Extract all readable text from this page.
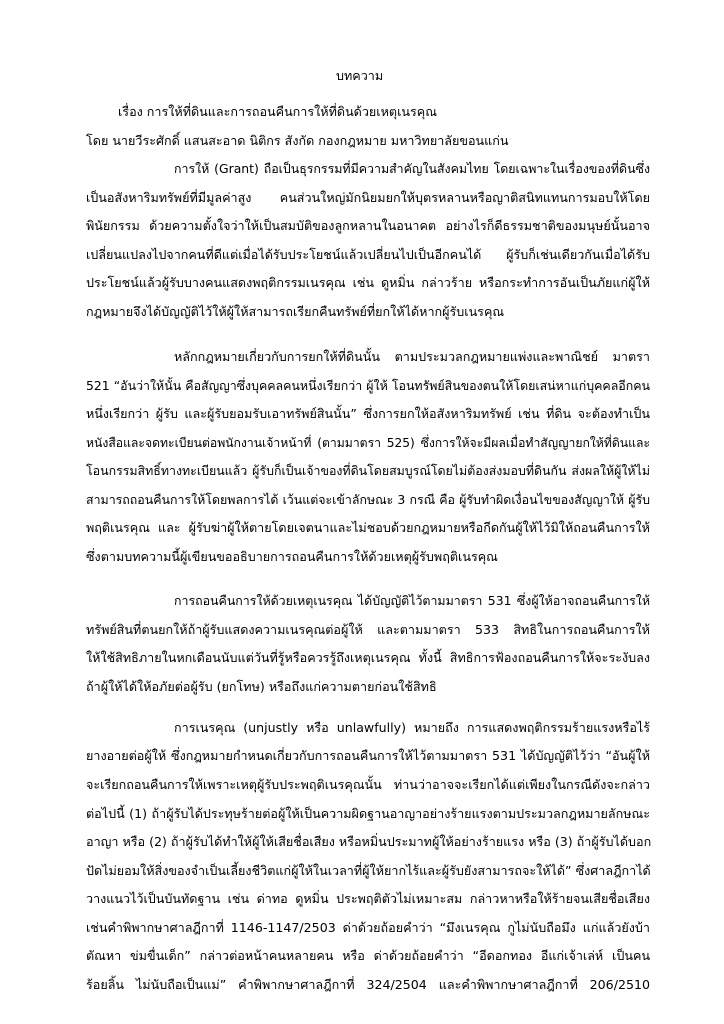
บทความ
เรื่อง การให้ที่ดินและการถอนคืนการให้ที่ดินด้วยเหตุเนรคุณ
โดย นายวีระศักดิ์ แสนสะอาด นิติกร สังกัด กองกฎหมาย มหาวิทยาลัยขอนแก่น
การให้ (Grant) ถือเป็นธุรกรรมที่มีความสำคัญในสังคมไทย โดยเฉพาะในเรื่องของที่ดินซึ่ง
เป็นอสังหาริมทรัพย์ที่มีมูลค่าสูง คนส่วนใหญ่มักนิยมยกให้บุตรหลานหรือญาติสนิทแทนการมอบให้โดย
พินัยกรรม ด้วยความตั้งใจว่าให้เป็นสมบัติของลูกหลานในอนาคต อย่างไรก็ดีธรรมชาติของมนุษย์นั้นอาจ
เปลี่ยนแปลงไปจากคนที่ดีแต่เมื่อได้รับประโยชน์แล้วเปลี่ยนไปเป็นอีกคนได้ ผู้รับก็เช่นเดียวกันเมื่อได้รับ
ประโยชน์แล้วผู้รับบางคนแสดงพฤติกรรมเนรคุณ เช่น ดูหมิ่น กล่าวร้าย หรือกระทำการอันเป็นภัยแก่ผู้ให้
กฎหมายจึงได้บัญญัติไว้ให้ผู้ให้สามารถเรียกคืนทรัพย์ที่ยกให้ได้หากผู้รับเนรคุณ
หลักกฎหมายเกี่ยวกับการยกให้ที่ดินนั้น ตามประมวลกฎหมายแพ่งและพาณิชย์ มาตรา
521 “อันว่าให้นั้น คือสัญญาซึ่งบุคคลคนหนึ่งเรียกว่า ผู้ให้ โอนทรัพย์สินของตนให้โดยเสน่หาแก่บุคคลอีกคน
หนึ่งเรียกว่า ผู้รับ และผู้รับยอมรับเอาทรัพย์สินนั้น” ซึ่งการยกให้อสังหาริมทรัพย์ เช่น ที่ดิน จะต้องทำเป็น
หนังสือและจดทะเบียนต่อพนักงานเจ้าหน้าที่ (ตามมาตรา 525) ซึ่งการให้จะมีผลเมื่อทำสัญญายกให้ที่ดินและ
โอนกรรมสิทธิ์ทางทะเบียนแล้ว ผู้รับก็เป็นเจ้าของที่ดินโดยสมบูรณ์โดยไม่ต้องส่งมอบที่ดินกัน ส่งผลให้ผู้ให้ไม่
สามารถถอนคืนการให้โดยพลการได้ เว้นแต่จะเข้าลักษณะ 3 กรณี คือ ผู้รับทำผิดเงื่อนไขของสัญญาให้ ผู้รับ
พฤติเนรคุณ และ ผู้รับฆ่าผู้ให้ตายโดยเจตนาและไม่ชอบด้วยกฎหมายหรือกีดกันผู้ให้ไว้มิให้ถอนคืนการให้
ซึ่งตามบทความนี้ผู้เขียนขออธิบายการถอนคืนการให้ด้วยเหตุผู้รับพฤติเนรคุณ
การถอนคืนการให้ด้วยเหตุเนรคุณ ได้บัญญัติไว้ตามมาตรา 531 ซึ่งผู้ให้อาจถอนคืนการให้
ทรัพย์สินที่ตนยกให้ถ้าผู้รับแสดงความเนรคุณต่อผู้ให้ และตามมาตรา 533 สิทธิในการถอนคืนการให้
ให้ใช้สิทธิภายในหกเดือนนับแต่วันที่รู้หรือควรรู้ถึงเหตุเนรคุณ ทั้งนี้ สิทธิการฟ้องถอนคืนการให้จะระงับลง
ถ้าผู้ให้ได้ให้อภัยต่อผู้รับ (ยกโทษ) หรือถึงแก่ความตายก่อนใช้สิทธิ
การเนรคุณ (unjustly หรือ unlawfully) หมายถึง การแสดงพฤติกรรมร้ายแรงหรือไร้
ยางอายต่อผู้ให้ ซึ่งกฎหมายกำหนดเกี่ยวกับการถอนคืนการให้ไว้ตามมาตรา 531 ได้บัญญัติไว้ว่า “อันผู้ให้
จะเรียกถอนคืนการให้เพราะเหตุผู้รับประพฤติเนรคุณนั้น ท่านว่าอาจจะเรียกได้แต่เพียงในกรณีดังจะกล่าว
ต่อไปนี้ (1) ถ้าผู้รับได้ประทุษร้ายต่อผู้ให้เป็นความผิดฐานอาญาอย่างร้ายแรงตามประมวลกฎหมายลักษณะ
อาญา หรือ (2) ถ้าผู้รับได้ทำให้ผู้ให้เสียชื่อเสียง หรือหมิ่นประมาทผู้ให้อย่างร้ายแรง หรือ (3) ถ้าผู้รับได้บอก
ปัดไม่ยอมให้สิ่งของจำเป็นเลี้ยงชีวิตแก่ผู้ให้ในเวลาที่ผู้ให้ยากไร้และผู้รับยังสามารถจะให้ได้” ซึ่งศาลฎีกาได้
วางแนวไว้เป็นบันทัดฐาน เช่น ด่าทอ ดูหมิ่น ประพฤติตัวไม่เหมาะสม กล่าวหาหรือให้ร้ายจนเสียชื่อเสียง
เช่นคำพิพากษาศาลฎีกาที่ 1146-1147/2503 ด่าด้วยถ้อยคำว่า “มึงเนรคุณ กูไม่นับถือมึง แก่แล้วยังบ้า
ตัณหา ข่มขื่นเด็ก” กล่าวต่อหน้าคนหลายคน หรือ ด่าด้วยถ้อยคำว่า “อีดอกทอง อีแก่เจ้าเล่ห์ เป็นคน
ร้อยลิ้น ไม่นับถือเป็นแม่” คำพิพากษาศาลฎีกาที่ 324/2504 และคำพิพากษาศาลฎีกาที่ 206/2510
